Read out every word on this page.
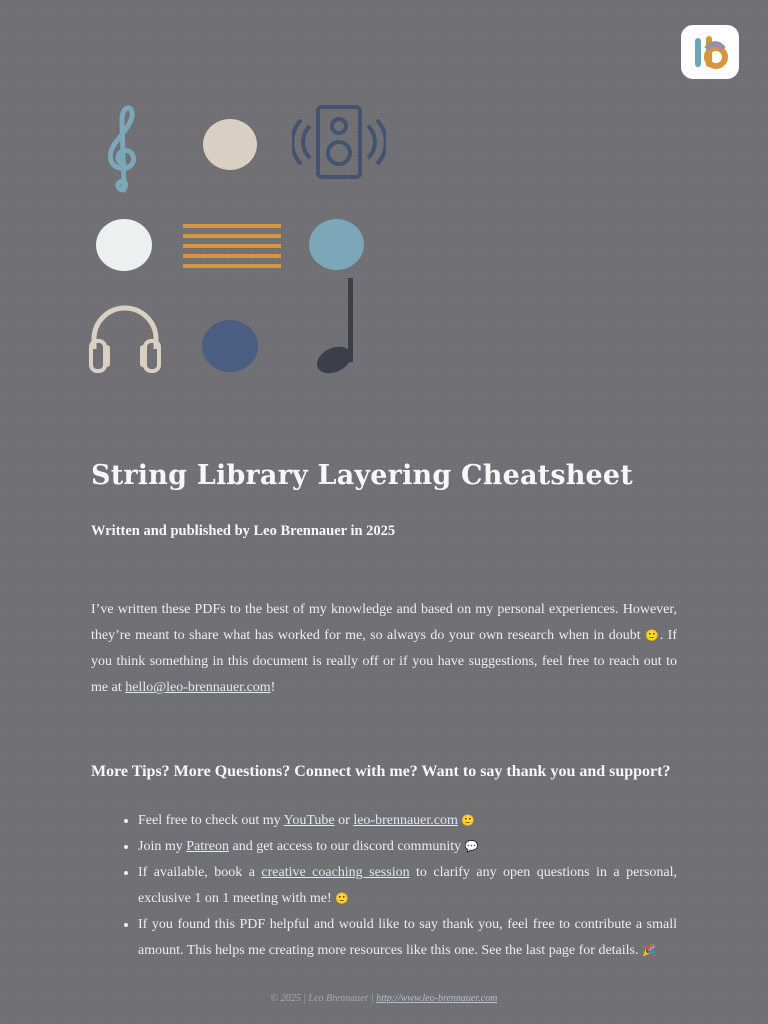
String Library Layering Cheatsheet

Written and published by Leo Brennauer in 2025

I’ve written these PDFs to the best of my knowledge and based on my personal experiences. However, they’re meant to share what has worked for me, so always do your own research when in doubt 🙂. If you think something in this document is really off or if you have suggestions, feel free to reach out to me at hello@leo-brennauer.com!

More Tips? More Questions? Connect with me? Want to say thank you and support?
• Feel free to check out my YouTube or leo-brennauer.com 🙂
• Join my Patreon and get access to our discord community 💬
• If available, book a creative coaching session to clarify any open questions in a personal, exclusive 1 on 1 meeting with me! 🙂
• If you found this PDF helpful and would like to say thank you, feel free to contribute a small amount. This helps me creating more resources like this one. See the last page for details. 🎉

© 2025 | Leo Brennauer | http://www.leo-brennauer.com
